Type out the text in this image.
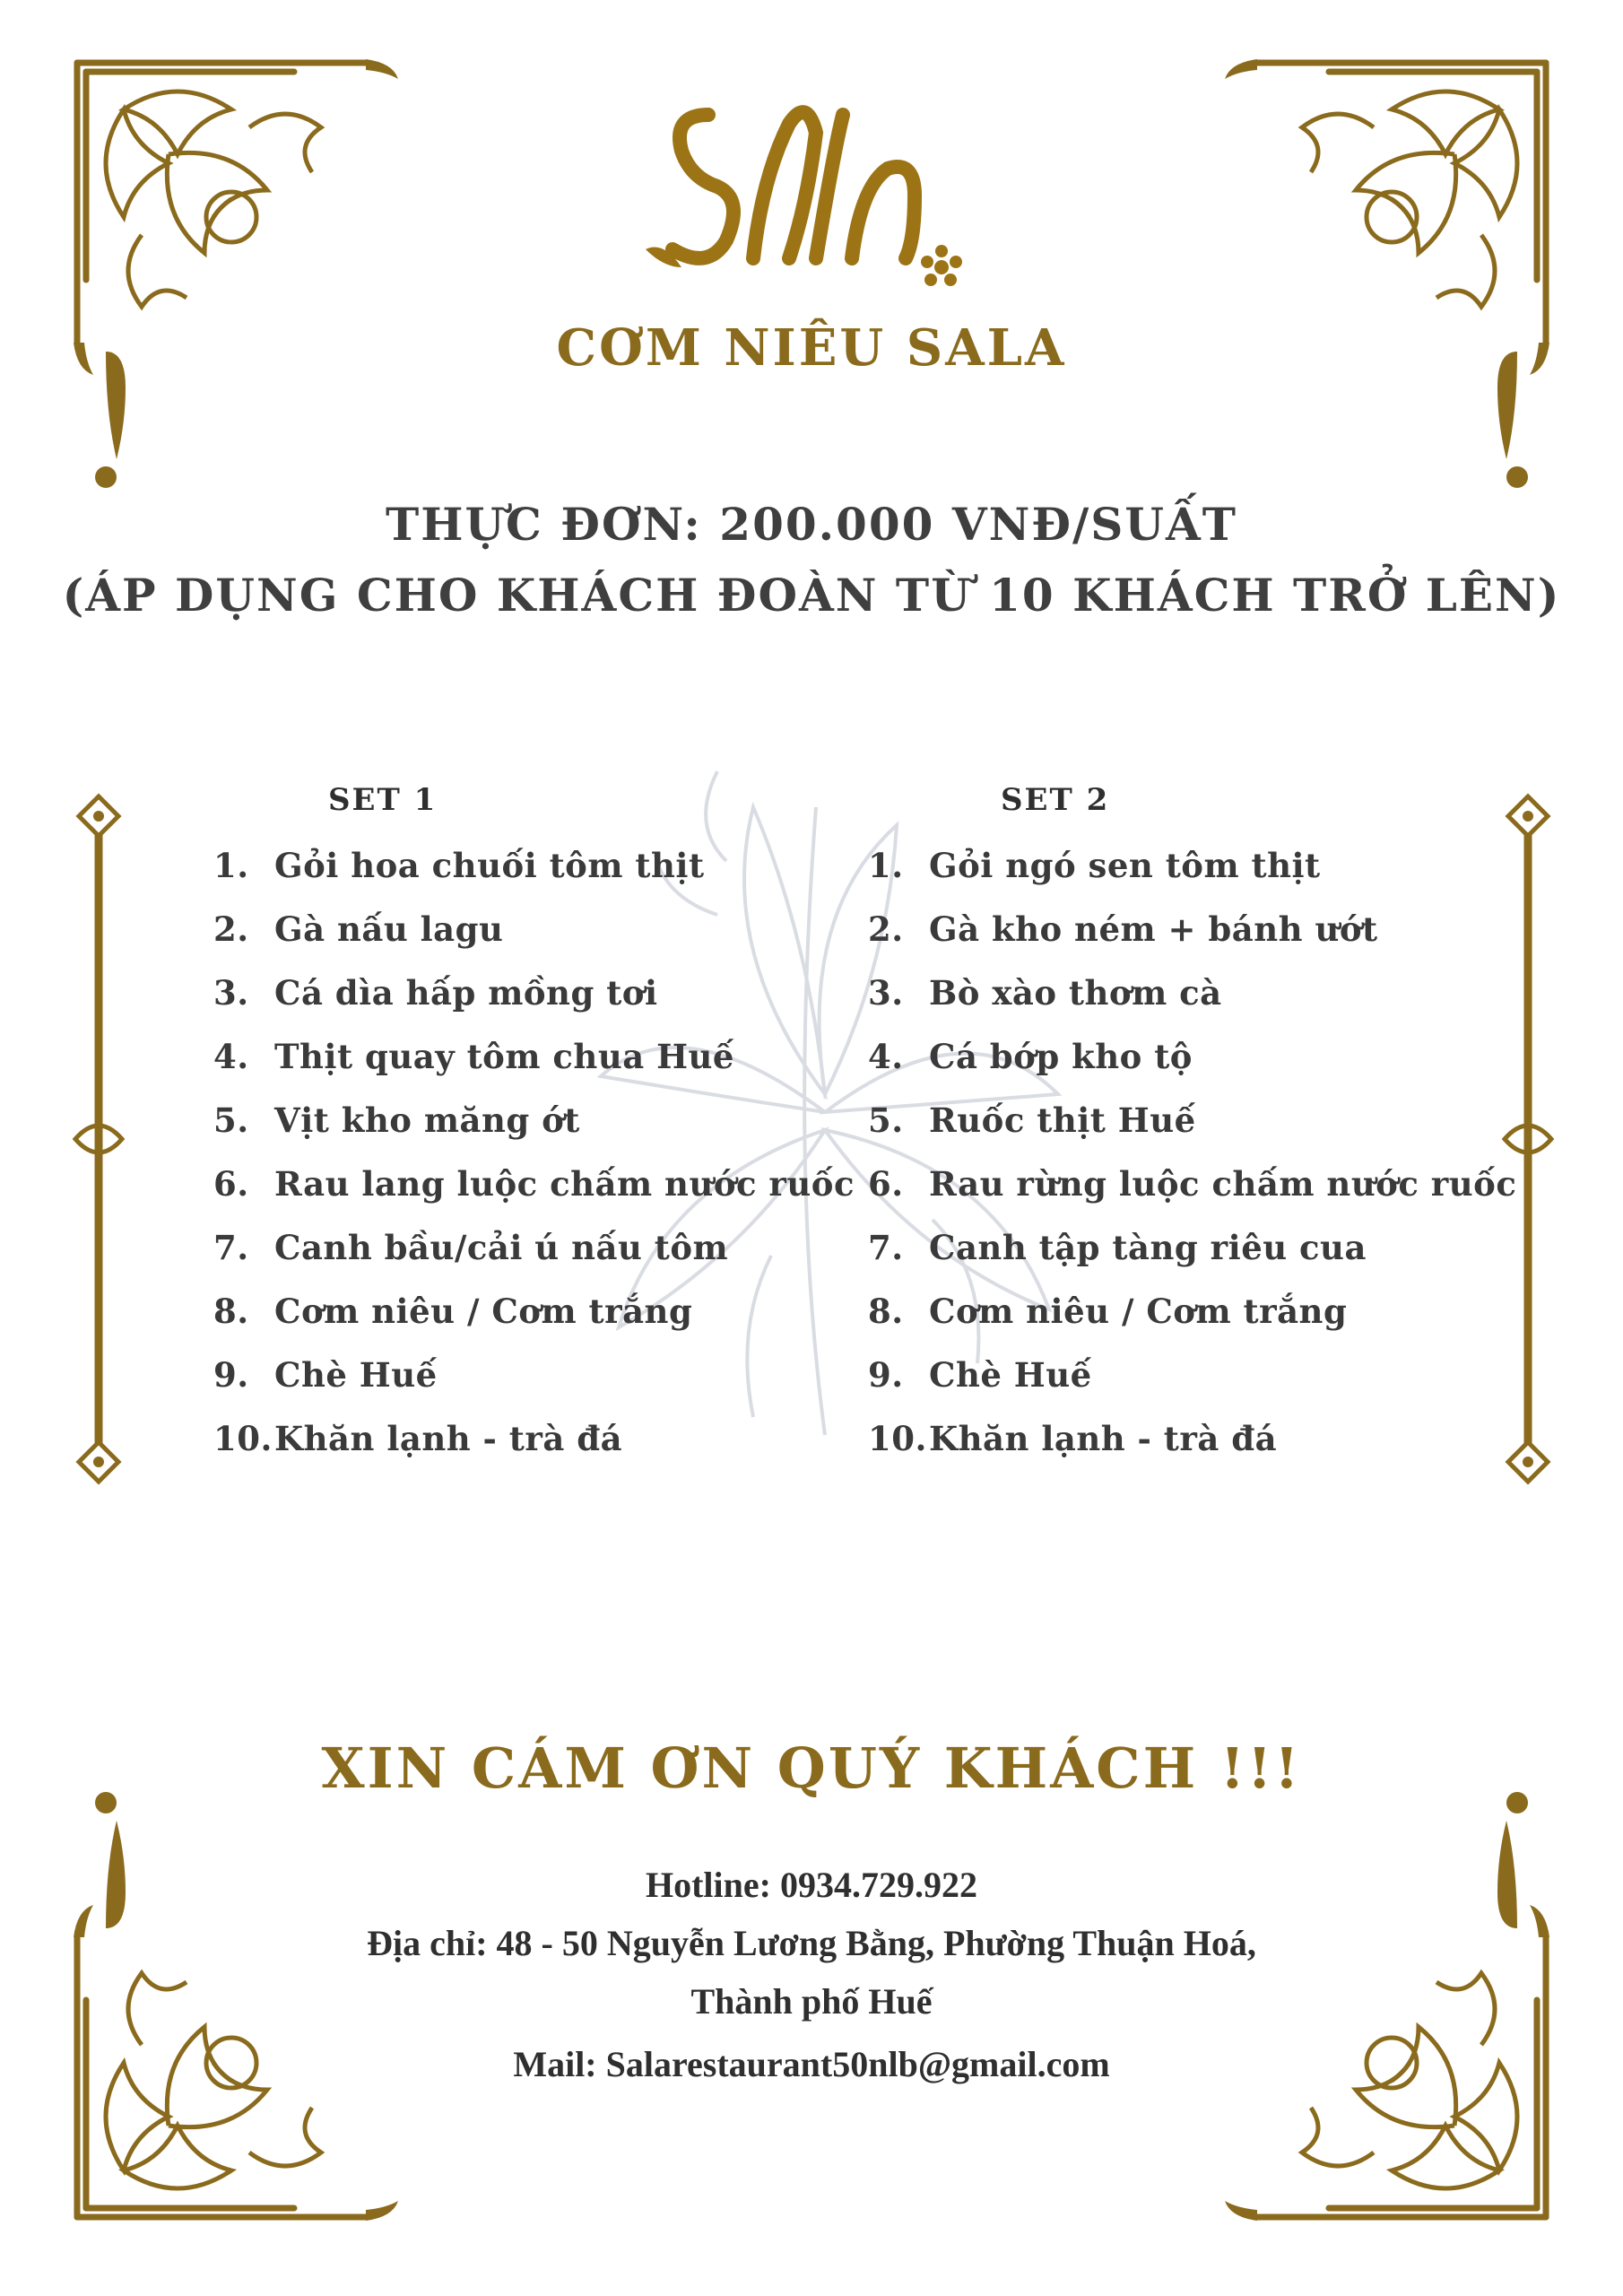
CƠM NIÊU SALA
THỰC ĐƠN: 200.000 VNĐ/SUẤT
(ÁP DỤNG CHO KHÁCH ĐOÀN TỪ 10 KHÁCH TRỞ LÊN)
SET 1
1. Gỏi hoa chuối tôm thịt
2. Gà nấu lagu
3. Cá dìa hấp mồng tơi
4. Thịt quay tôm chua Huế
5. Vịt kho măng ớt
6. Rau lang luộc chấm nước ruốc
7. Canh bầu/cải ú nấu tôm
8. Cơm niêu / Cơm trắng
9. Chè Huế
10.Khăn lạnh - trà đá
SET 2
1. Gỏi ngó sen tôm thịt
2. Gà kho ném + bánh ướt
3. Bò xào thơm cà
4. Cá bớp kho tộ
5. Ruốc thịt Huế
6. Rau rừng luộc chấm nước ruốc
7. Canh tập tàng riêu cua
8. Cơm niêu / Cơm trắng
9. Chè Huế
10.Khăn lạnh - trà đá
XIN CÁM ƠN QUÝ KHÁCH !!!
Hotline: 0934.729.922
Địa chỉ: 48 - 50 Nguyễn Lương Bằng, Phường Thuận Hoá,
Thành phố Huế
Mail: Salarestaurant50nlb@gmail.com
